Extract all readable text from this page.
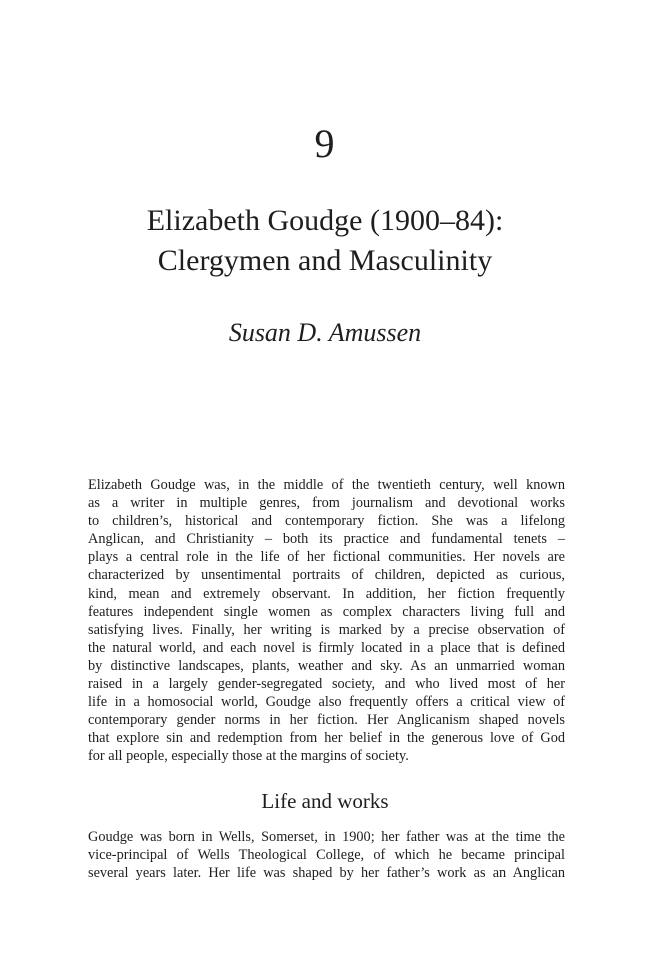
9
Elizabeth Goudge (1900–84):
Clergymen and Masculinity
Susan D. Amussen

Elizabeth Goudge was, in the middle of the twentieth century, well known
as a writer in multiple genres, from journalism and devotional works
to children’s, historical and contemporary fiction. She was a lifelong
Anglican, and Christianity – both its practice and fundamental tenets –
plays a central role in the life of her fictional communities. Her novels are
characterized by unsentimental portraits of children, depicted as curious,
kind, mean and extremely observant. In addition, her fiction frequently
features independent single women as complex characters living full and
satisfying lives. Finally, her writing is marked by a precise observation of
the natural world, and each novel is firmly located in a place that is defined
by distinctive landscapes, plants, weather and sky. As an unmarried woman
raised in a largely gender-segregated society, and who lived most of her
life in a homosocial world, Goudge also frequently offers a critical view of
contemporary gender norms in her fiction. Her Anglicanism shaped novels
that explore sin and redemption from her belief in the generous love of God
for all people, especially those at the margins of society.

Life and works

Goudge was born in Wells, Somerset, in 1900; her father was at the time the
vice-principal of Wells Theological College, of which he became principal
several years later. Her life was shaped by her father’s work as an Anglican
